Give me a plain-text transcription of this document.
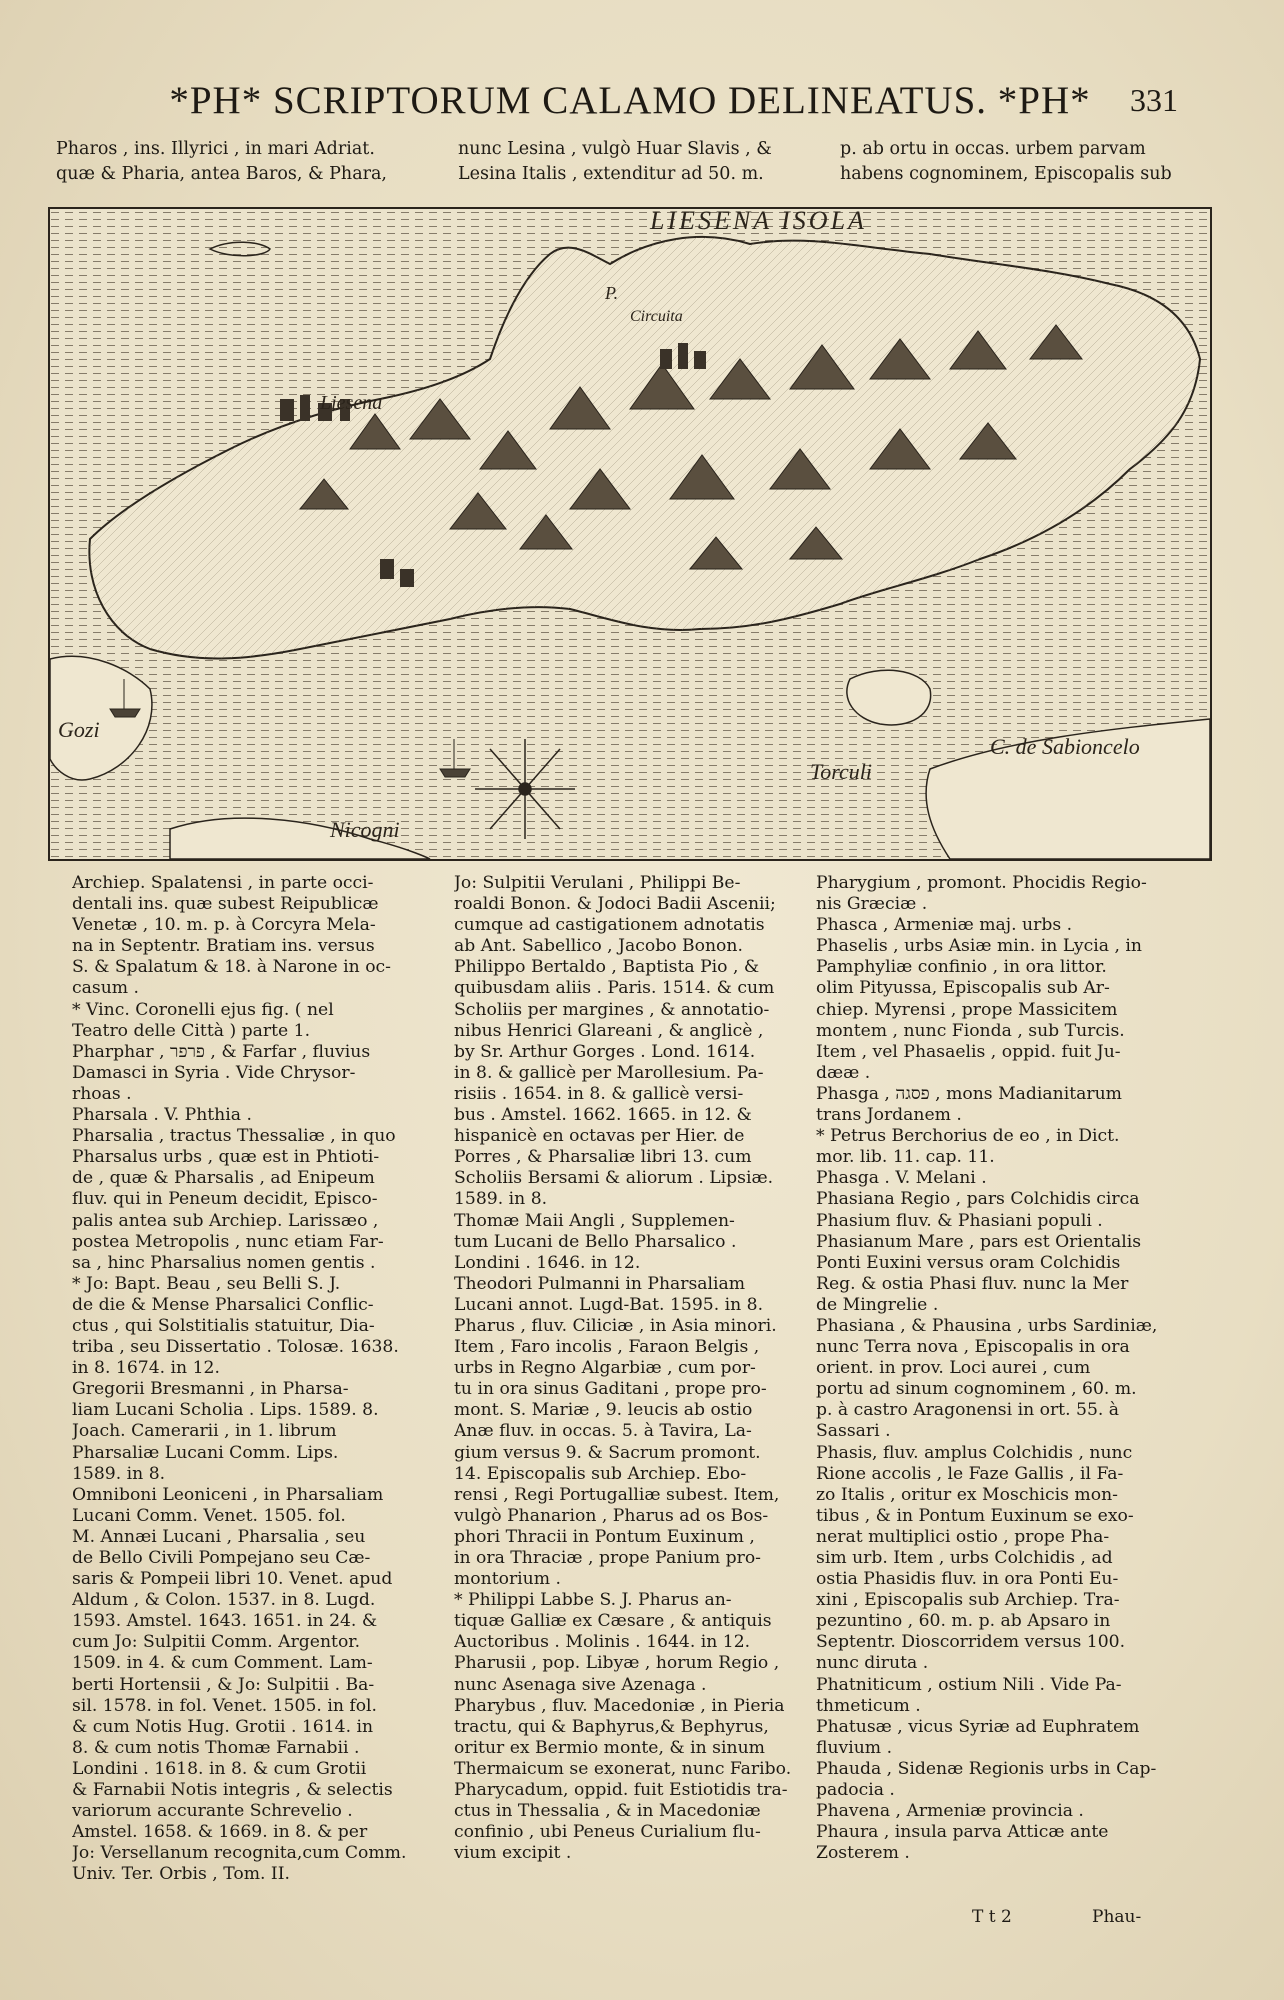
*PH* SCRIPTORUM CALAMO DELINEATUS. *PH*	331
Pharos , ins. Illyrici , in mari Adriat.
quæ & Pharia, antea Baros, & Phara,
nunc Lesina , vulgò Huar Slavis , &
Lesina Italis , extenditur ad 50. m.
p. ab ortu in occas. urbem parvam
habens cognominem, Episcopalis sub
LIESENA ISOLA
Liesena
P.
Circuita
Gozi
Nicogni
Torculi
C. de Sabioncelo

Archiep. Spalatensi , in parte occi-

dentali ins. quæ subest Reipublicæ

Venetæ , 10. m. p. à Corcyra Mela-

na in Septentr. Bratiam ins. versus

S. & Spalatum & 18. à Narone in oc-

casum .

* Vinc. Coronelli ejus fig. ( nel

Teatro delle Città ) parte 1.

Pharphar , פרפר , & Farfar , fluvius

Damasci in Syria . Vide Chrysor-

rhoas .

Pharsala . V. Phthia .

Pharsalia , tractus Thessaliæ , in quo

Pharsalus urbs , quæ est in Phtioti-

de , quæ & Pharsalis , ad Enipeum

fluv. qui in Peneum decidit, Episco-

palis antea sub Archiep. Larissæo ,

postea Metropolis , nunc etiam Far-

sa , hinc Pharsalius nomen gentis .

* Jo: Bapt. Beau , seu Belli S. J.

de die & Mense Pharsalici Conflic-

ctus , qui Solstitialis statuitur, Dia-

triba , seu Dissertatio . Tolosæ. 1638.

in 8. 1674. in 12.

Gregorii Bresmanni , in Pharsa-

liam Lucani Scholia . Lips. 1589. 8.

Joach. Camerarii , in 1. librum

Pharsaliæ Lucani Comm. Lips.

1589. in 8.

Omniboni Leoniceni , in Pharsaliam

Lucani Comm. Venet. 1505. fol.

M. Annæi Lucani , Pharsalia , seu

de Bello Civili Pompejano seu Cæ-

saris & Pompeii libri 10. Venet. apud

Aldum , & Colon. 1537. in 8. Lugd.

1593. Amstel. 1643. 1651. in 24. &

cum Jo: Sulpitii Comm. Argentor.

1509. in 4. & cum Comment. Lam-

berti Hortensii , & Jo: Sulpitii . Ba-

sil. 1578. in fol. Venet. 1505. in fol.

& cum Notis Hug. Grotii . 1614. in

8. & cum notis Thomæ Farnabii .

Londini . 1618. in 8. & cum Grotii

& Farnabii Notis integris , & selectis

variorum accurante Schrevelio .

Amstel. 1658. & 1669. in 8. & per

Jo: Versellanum recognita,cum Comm.

Univ. Ter. Orbis , Tom. II.

Jo: Sulpitii Verulani , Philippi Be-

roaldi Bonon. & Jodoci Badii Ascenii;

cumque ad castigationem adnotatis

ab Ant. Sabellico , Jacobo Bonon.

Philippo Bertaldo , Baptista Pio , &

quibusdam aliis . Paris. 1514. & cum

Scholiis per margines , & annotatio-

nibus Henrici Glareani , & anglicè ,

by Sr. Arthur Gorges . Lond. 1614.

in 8. & gallicè per Marollesium. Pa-

risiis . 1654. in 8. & gallicè versi-

bus . Amstel. 1662. 1665. in 12. &

hispanicè en octavas per Hier. de

Porres , & Pharsaliæ libri 13. cum

Scholiis Bersami & aliorum . Lipsiæ.

1589. in 8.

Thomæ Maii Angli , Supplemen-

tum Lucani de Bello Pharsalico .

Londini . 1646. in 12.

Theodori Pulmanni in Pharsaliam

Lucani annot. Lugd-Bat. 1595. in 8.

Pharus , fluv. Ciliciæ , in Asia minori.

Item , Faro incolis , Faraon Belgis ,

urbs in Regno Algarbiæ , cum por-

tu in ora sinus Gaditani , prope pro-

mont. S. Mariæ , 9. leucis ab ostio

Anæ fluv. in occas. 5. à Tavira, La-

gium versus 9. & Sacrum promont.

14. Episcopalis sub Archiep. Ebo-

rensi , Regi Portugalliæ subest. Item,

vulgò Phanarion , Pharus ad os Bos-

phori Thracii in Pontum Euxinum ,

in ora Thraciæ , prope Panium pro-

montorium .

* Philippi Labbe S. J. Pharus an-

tiquæ Galliæ ex Cæsare , & antiquis

Auctoribus . Molinis . 1644. in 12.

Pharusii , pop. Libyæ , horum Regio ,

nunc Asenaga sive Azenaga .

Pharybus , fluv. Macedoniæ , in Pieria

tractu, qui & Baphyrus,& Bephyrus,

oritur ex Bermio monte, & in sinum

Thermaicum se exonerat, nunc Faribo.

Pharycadum, oppid. fuit Estiotidis tra-

ctus in Thessalia , & in Macedoniæ

confinio , ubi Peneus Curialium flu-

vium excipit .

Pharygium , promont. Phocidis Regio-

nis Græciæ .

Phasca , Armeniæ maj. urbs .

Phaselis , urbs Asiæ min. in Lycia , in

Pamphyliæ confinio , in ora littor.

olim Pityussa, Episcopalis sub Ar-

chiep. Myrensi , prope Massicitem

montem , nunc Fionda , sub Turcis.

Item , vel Phasaelis , oppid. fuit Ju-

dææ .

Phasga , פסגה , mons Madianitarum

trans Jordanem .

* Petrus Berchorius de eo , in Dict.

mor. lib. 11. cap. 11.

Phasga . V. Melani .

Phasiana Regio , pars Colchidis circa

Phasium fluv. & Phasiani populi .

Phasianum Mare , pars est Orientalis

Ponti Euxini versus oram Colchidis

Reg. & ostia Phasi fluv. nunc la Mer

de Mingrelie .

Phasiana , & Phausina , urbs Sardiniæ,

nunc Terra nova , Episcopalis in ora

orient. in prov. Loci aurei , cum

portu ad sinum cognominem , 60. m.

p. à castro Aragonensi in ort. 55. à

Sassari .

Phasis, fluv. amplus Colchidis , nunc

Rione accolis , le Faze Gallis , il Fa-

zo Italis , oritur ex Moschicis mon-

tibus , & in Pontum Euxinum se exo-

nerat multiplici ostio , prope Pha-

sim urb. Item , urbs Colchidis , ad

ostia Phasidis fluv. in ora Ponti Eu-

xini , Episcopalis sub Archiep. Tra-

pezuntino , 60. m. p. ab Apsaro in

Septentr. Dioscorridem versus 100.

nunc diruta .

Phatniticum , ostium Nili . Vide Pa-

thmeticum .

Phatusæ , vicus Syriæ ad Euphratem

fluvium .

Phauda , Sidenæ Regionis urbs in Cap-

padocia .

Phavena , Armeniæ provincia .

Phaura , insula parva Atticæ ante

Zosterem .

T t 2	Phau-
